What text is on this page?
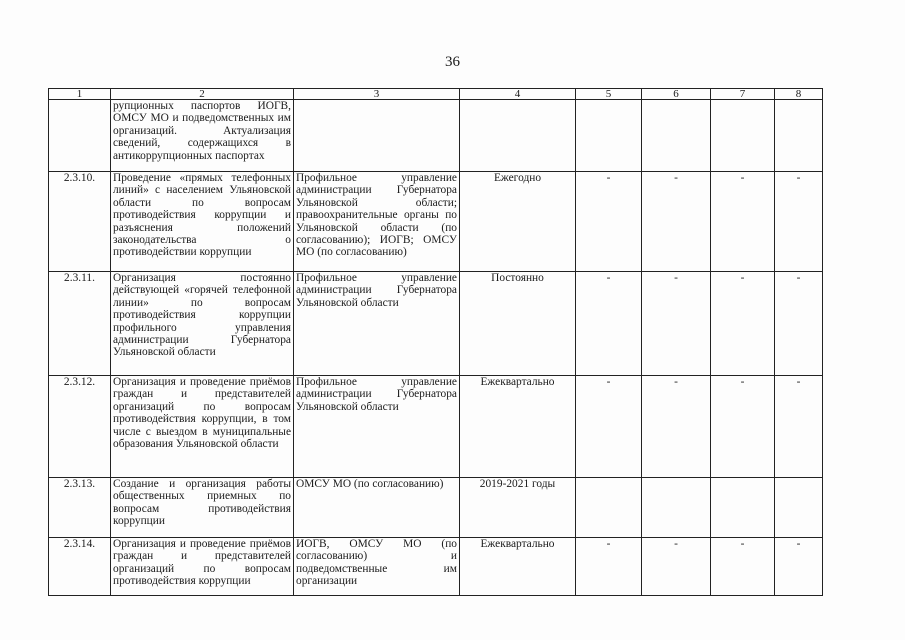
36
1	2	3	4	5	6	7	8
	рупционных паспортов ИОГВ, ОМСУ МО и подведомственных им организаций. Актуализация сведений, содержащихся в антикоррупционных паспортах						
2.3.10.	Проведение «прямых телефонных линий» с населением Ульяновской области по вопросам противодействия коррупции и разъяснения положений законодательства о противодействии коррупции	Профильное управление администрации Губернатора Ульяновской области; правоохранительные органы по Ульяновской области (по согласованию); ИОГВ; ОМСУ МО (по согласованию)	Ежегодно	-	-	-	-
2.3.11.	Организация постоянно действующей «горячей телефонной линии» по вопросам противодействия коррупции профильного управления администрации Губернатора Ульяновской области	Профильное управление администрации Губернатора Ульяновской области	Постоянно	-	-	-	-
2.3.12.	Организация и проведение приёмов граждан и представителей организаций по вопросам противодействия коррупции, в том числе с выездом в муниципальные образования Ульяновской области	Профильное управление администрации Губернатора Ульяновской области	Ежеквартально	-	-	-	-
2.3.13.	Создание и организация работы общественных приемных по вопросам противодействия коррупции	ОМСУ МО (по согласованию)	2019-2021 годы				
2.3.14.	Организация и проведение приёмов граждан и представителей организаций по вопросам противодействия коррупции	ИОГВ, ОМСУ МО (по согласованию) и подведомственные им организации	Ежеквартально	-	-	-	-
